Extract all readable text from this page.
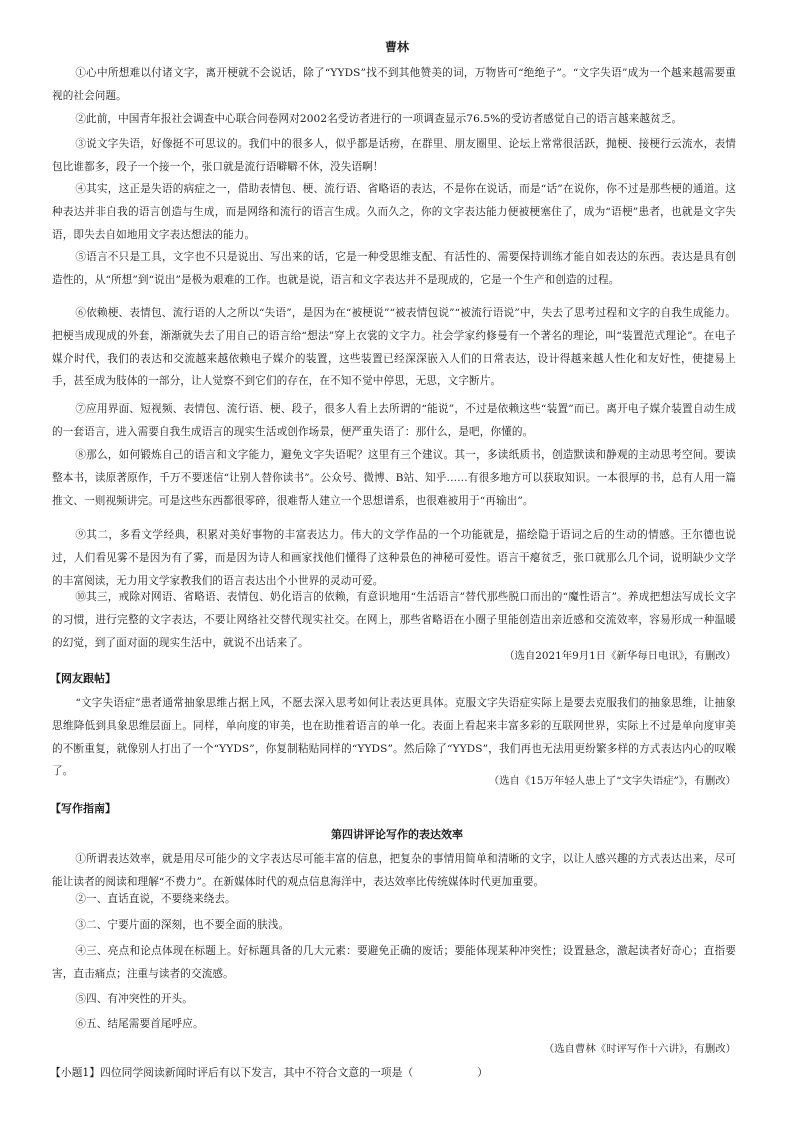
曹林

①心中所想难以付诸文字，离开梗就不会说话，除了“YYDS”找不到其他赞美的词，万物皆可“绝绝子”。“文字失语”成为一个越来越需要重视的社会问题。

②此前，中国青年报社会调查中心联合问卷网对2002名受访者进行的一项调查显示76.5%的受访者感觉自己的语言越来越贫乏。

③说文字失语，好像挺不可思议的。我们中的很多人，似乎都是话痨，在群里、朋友圈里、论坛上常常很活跃，抛梗、接梗行云流水，表情包比谁都多，段子一个接一个，张口就是流行语噼噼不休，没失语啊！

④其实，这正是失语的病症之一，借助表情包、梗、流行语、省略语的表达，不是你在说话，而是“话”在说你，你不过是那些梗的通道。这种表达并非自我的语言创造与生成，而是网络和流行的语言生成。久而久之，你的文字表达能力便被梗塞住了，成为“语梗”患者，也就是文字失语，即失去自如地用文字表达想法的能力。

⑤语言不只是工具，文字也不只是说出、写出来的话，它是一种受思维支配、有活性的、需要保持训练才能自如表达的东西。表达是具有创造性的，从“所想”到“说出”是极为艰难的工作。也就是说，语言和文字表达并不是现成的，它是一个生产和创造的过程。

⑥依赖梗、表情包、流行语的人之所以“失语”，是因为在“被梗说”“被表情包说”“被流行语说”中，失去了思考过程和文字的自我生成能力。把梗当成现成的外套，渐渐就失去了用自己的语言给“想法”穿上衣裳的文字力。社会学家约修曼有一个著名的理论，叫“装置范式理论”。在电子媒介时代，我们的表达和交流越来越依赖电子媒介的装置，这些装置已经深深嵌入人们的日常表达，设计得越来越人性化和友好性，使捷易上手，甚至成为肢体的一部分，让人觉察不到它们的存在，在不知不觉中停思，无思，文字断片。

⑦应用界面、短视频、表情包、流行语、梗、段子，很多人看上去所谓的“能说”，不过是依赖这些“装置”而已。离开电子媒介装置自动生成的一套语言，进入需要自我生成语言的现实生活或创作场景，便严重失语了：那什么，是吧，你懂的。

⑧那么，如何锻炼自己的语言和文字能力，避免文字失语呢？这里有三个建议。其一，多读纸质书，创造默读和静观的主动思考空间。要读整本书，读原著原作，千万不要迷信“让别人替你读书”。公众号、微博、B站、知乎……有很多地方可以获取知识。一本很厚的书，总有人用一篇推文、一则视频讲完。可是这些东西都很零碎，很难帮人建立一个思想谱系，也很难被用于“再输出”。

⑨其二，多看文学经典，积累对美好事物的丰富表达力。伟大的文学作品的一个功能就是，描绘隐于语词之后的生动的情感。王尔德也说过，人们看见雾不是因为有了雾，而是因为诗人和画家找他们懂得了这种景色的神秘可爱性。语言干瘪贫乏，张口就那么几个词，说明缺少文学的丰富阅读，无力用文学家教我们的语言表达出个小世界的灵动可爱。

⑩其三，戒除对网语、省略语、表情包、奶化语言的依赖，有意识地用“生活语言”替代那些脱口而出的“魔性语言”。养成把想法写成长文字的习惯，进行完整的文字表达，不要让网络社交替代现实社交。在网上，那些省略语在小圈子里能创造出亲近感和交流效率，容易形成一种温暖的幻觉，到了面对面的现实生活中，就说不出话来了。

（选自2021年9月1日《新华每日电讯》，有删改）
【网友跟帖】

“文字失语症”患者通常抽象思维占据上风，不愿去深入思考如何让表达更具体。克服文字失语症实际上是要去克服我们的抽象思维，让抽象思维降低到具象思维层面上。同样，单向度的审美，也在助推着语言的单一化。表面上看起来丰富多彩的互联网世界，实际上不过是单向度审美的不断重复，就像别人打出了一个“YYDS”，你复制粘贴同样的“YYDS”。然后除了“YYDS”，我们再也无法用更纷繁多样的方式表达内心的叹喉了。

（选自《15万年轻人患上了“文字失语症”》，有删改）
【写作指南】
第四讲评论写作的表达效率

①所谓表达效率，就是用尽可能少的文字表达尽可能丰富的信息，把复杂的事情用简单和清晰的文字，以让人感兴趣的方式表达出来，尽可能让读者的阅读和理解“不费力”。在新媒体时代的观点信息海洋中，表达效率比传统媒体时代更加重要。

②一、直话直说，不要绕来绕去。

③二、宁要片面的深刻，也不要全面的肤浅。

④三、亮点和论点体现在标题上。好标题具备的几大元素：要避免正确的废话；要能体现某种冲突性；设置悬念，激起读者好奇心；直指要害，直击痛点；注重与读者的交流感。

⑤四、有冲突性的开头。

⑥五、结尾需要首尾呼应。

（选自曹林《时评写作十六讲》，有删改）
【小题1】四位同学阅读新闻时评后有以下发言，其中不符合文意的一项是（	）
